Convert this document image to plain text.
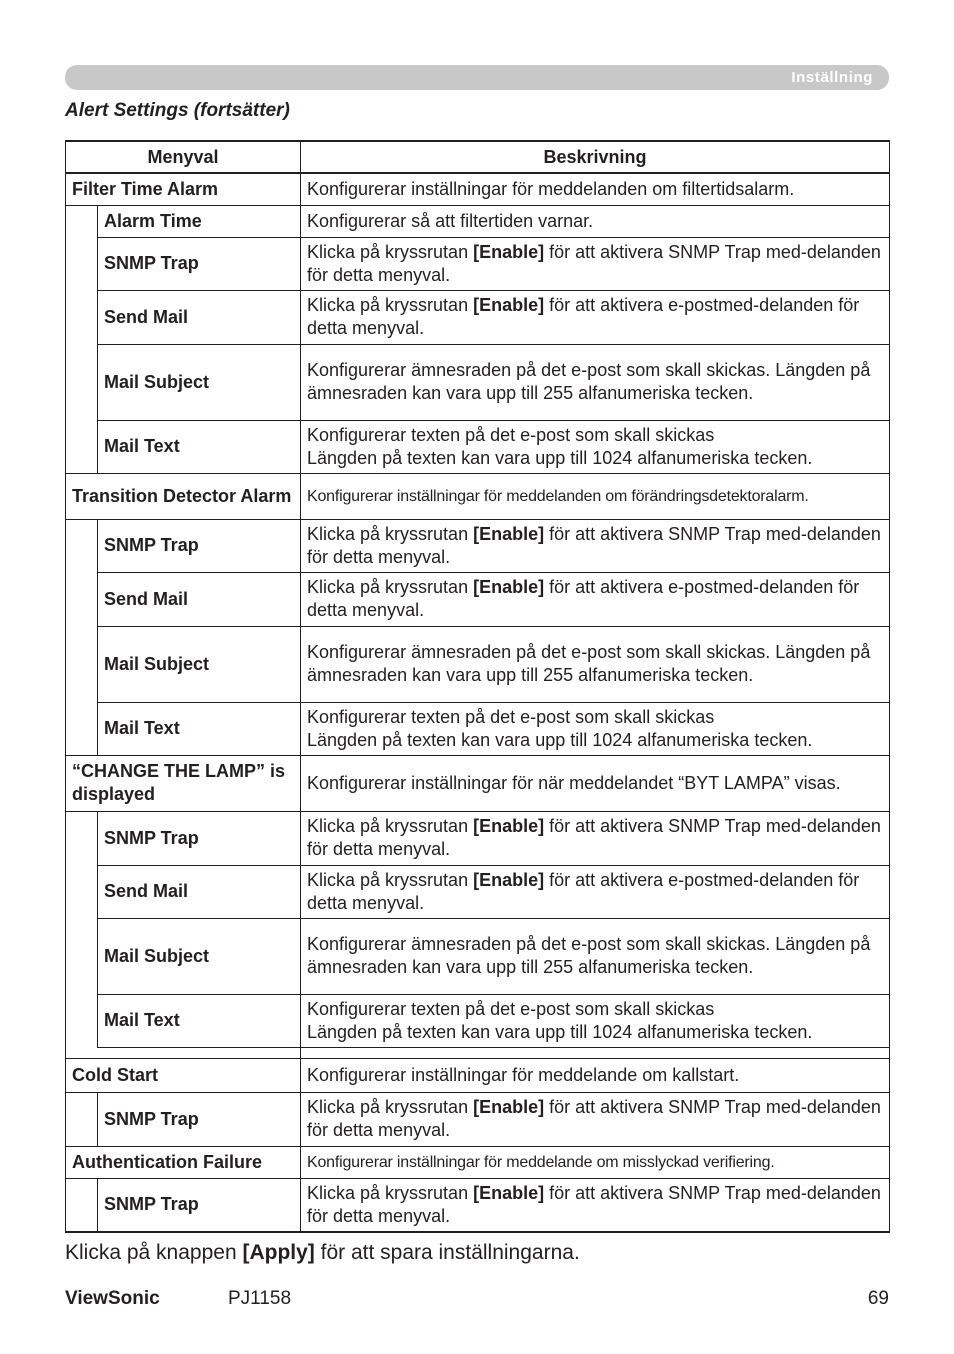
Inställning
Alert Settings (fortsätter)
Menyval		Beskrivning
Filter Time Alarm		Konfigurerar inställningar för meddelanden om filtertidsalarm.
	Alarm Time	Konfigurerar så att filtertiden varnar.
	SNMP Trap	Klicka på kryssrutan [Enable] för att aktivera SNMP Trap med-delanden för detta menyval.
	Send Mail	Klicka på kryssrutan [Enable] för att aktivera e-postmed-delanden för detta menyval.
	Mail Subject	Konfigurerar ämnesraden på det e-post som skall skickas. Längden på ämnesraden kan vara upp till 255 alfanumeriska tecken.
	Mail Text	Konfigurerar texten på det e-post som skall skickas
Längden på texten kan vara upp till 1024 alfanumeriska tecken.
Transition Detector Alarm		Konfigurerar inställningar för meddelanden om förändringsdetektoralarm.
	SNMP Trap	Klicka på kryssrutan [Enable] för att aktivera SNMP Trap med-delanden för detta menyval.
	Send Mail	Klicka på kryssrutan [Enable] för att aktivera e-postmed-delanden för detta menyval.
	Mail Subject	Konfigurerar ämnesraden på det e-post som skall skickas. Längden på ämnesraden kan vara upp till 255 alfanumeriska tecken.
	Mail Text	Konfigurerar texten på det e-post som skall skickas
Längden på texten kan vara upp till 1024 alfanumeriska tecken.
“CHANGE THE LAMP” is displayed		Konfigurerar inställningar för när meddelandet “BYT LAMPA” visas.
	SNMP Trap	Klicka på kryssrutan [Enable] för att aktivera SNMP Trap med-delanden för detta menyval.
	Send Mail	Klicka på kryssrutan [Enable] för att aktivera e-postmed-delanden för detta menyval.
	Mail Subject	Konfigurerar ämnesraden på det e-post som skall skickas. Längden på ämnesraden kan vara upp till 255 alfanumeriska tecken.
	Mail Text	Konfigurerar texten på det e-post som skall skickas
Längden på texten kan vara upp till 1024 alfanumeriska tecken.

Cold Start		Konfigurerar inställningar för meddelande om kallstart.
	SNMP Trap	Klicka på kryssrutan [Enable] för att aktivera SNMP Trap med-delanden för detta menyval.
Authentication Failure		Konfigurerar inställningar för meddelande om misslyckad verifiering.
	SNMP Trap	Klicka på kryssrutan [Enable] för att aktivera SNMP Trap med-delanden för detta menyval.
Klicka på knappen [Apply] för att spara inställningarna.
ViewSonic	PJ1158	69
